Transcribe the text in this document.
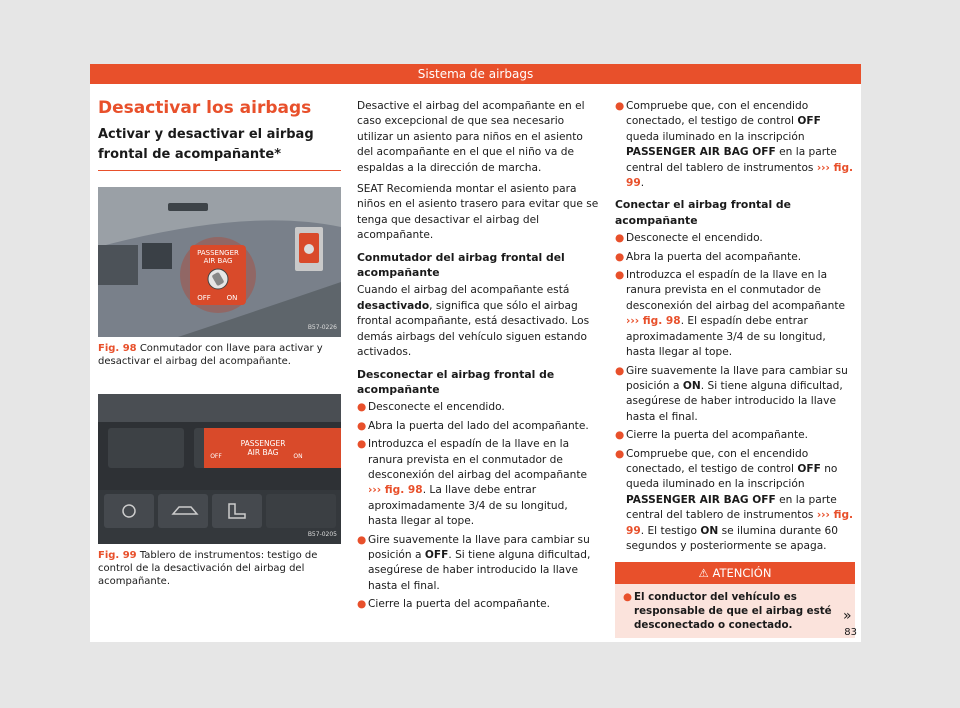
Sistema de airbags
Desactivar los airbags
Activar y desactivar el airbag frontal de acompañante*
PASSENGER
AIR BAG
OFF ON
B57-0226
Fig. 98 Conmutador con llave para activar y desactivar el airbag del acompañante.
PASSENGER
AIR BAG
OFF	ON
B57-0205
Fig. 99 Tablero de instrumentos: testigo de control de la desactivación del airbag del acompañante.

Desactive el airbag del acompañante en el caso excepcional de que sea necesario utilizar un asiento para niños en el asiento del acompañante en el que el niño va de espaldas a la dirección de marcha.

SEAT Recomienda montar el asiento para niños en el asiento trasero para evitar que se tenga que desactivar el airbag del acompañante.

Conmutador del airbag frontal del acompañante

Cuando el airbag del acompañante está desactivado, significa que sólo el airbag frontal acompañante, está desactivado. Los demás airbags del vehículo siguen estando activados.

Desconectar el airbag frontal de acompañante
● Desconecte el encendido.
● Abra la puerta del lado del acompañante.
● Introduzca el espadín de la llave en la ranura prevista en el conmutador de desconexión del airbag del acompañante ››› fig. 98. La llave debe entrar aproximadamente 3/4 de su longitud, hasta llegar al tope.
● Gire suavemente la llave para cambiar su posición a OFF. Si tiene alguna dificultad, asegúrese de haber introducido la llave hasta el final.
● Cierre la puerta del acompañante.
● Compruebe que, con el encendido conectado, el testigo de control OFF queda iluminado en la inscripción PASSENGER AIR BAG OFF en la parte central del tablero de instrumentos ››› fig. 99.
Conectar el airbag frontal de acompañante
● Desconecte el encendido.
● Abra la puerta del acompañante.
● Introduzca el espadín de la llave en la ranura prevista en el conmutador de desconexión del airbag del acompañante ››› fig. 98. El espadín debe entrar aproximadamente 3/4 de su longitud, hasta llegar al tope.
● Gire suavemente la llave para cambiar su posición a ON. Si tiene alguna dificultad, asegúrese de haber introducido la llave hasta el final.
● Cierre la puerta del acompañante.
● Compruebe que, con el encendido conectado, el testigo de control OFF no queda iluminado en la inscripción PASSENGER AIR BAG OFF en la parte central del tablero de instrumentos ››› fig. 99. El testigo ON se ilumina durante 60 segundos y posteriormente se apaga.
⚠ ATENCIÓN
● El conductor del vehículo es responsable de que el airbag esté desconectado o conectado.
»
83
